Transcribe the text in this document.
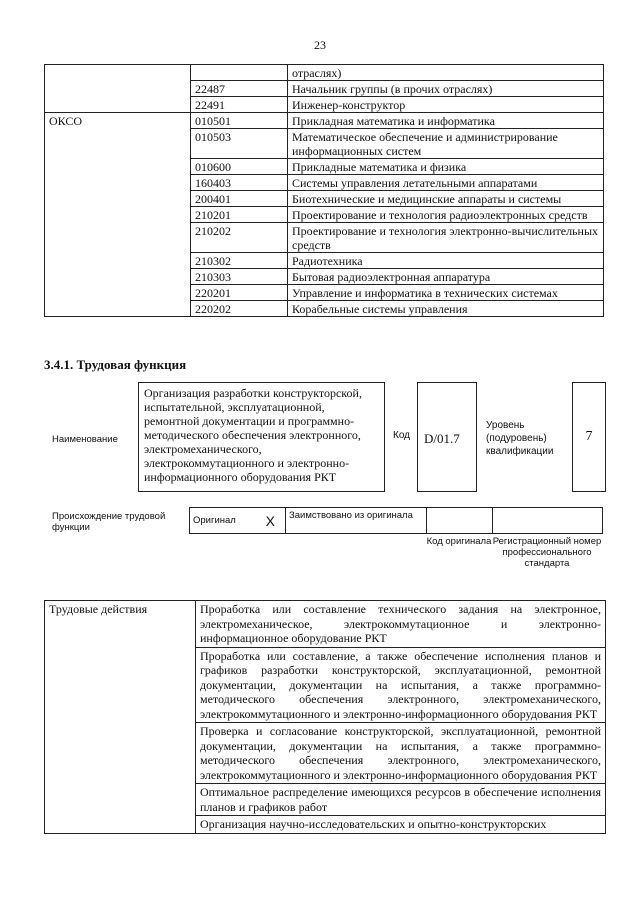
23
		отраслях)
	22487	Начальник группы (в прочих отраслях)
	22491	Инженер-конструктор
ОКСО	010501	Прикладная математика и информатика
	010503	Математическое обеспечение и администрирование информационных систем
	010600	Прикладные математика и физика
	160403	Системы управления летательными аппаратами
	200401	Биотехнические и медицинские аппараты и системы
	210201	Проектирование и технология радиоэлектронных средств
	210202	Проектирование и технология электронно-вычислительных средств
	210302	Радиотехника
	210303	Бытовая радиоэлектронная аппаратура
	220201	Управление и информатика в технических системах
	220202	Корабельные системы управления
3.4.1. Трудовая функция
Наименование
Организация разработки конструкторской, испытательной, эксплуатационной, ремонтной документации и программно-методического обеспечения электронного, электромеханического, электрокоммутационного и электронно-информационного оборудования РКТ
Код	D/01.7
Уровень (подуровень) квалификации
7
Происхождение трудовой функции
Оригинал	X	Заимствовано из оригинала		
Код оригинала Регистрационный номер профессионального стандарта
Трудовые действия	Проработка или составление технического задания на электронное, электромеханическое, электрокоммутационное и электронно-информационное оборудование РКТ
Проработка или составление, а также обеспечение исполнения планов и графиков разработки конструкторской, эксплуатационной, ремонтной документации, документации на испытания, а также программно-методического обеспечения электронного, электромеханического, электрокоммутационного и электронно-информационного оборудования РКТ
Проверка и согласование конструкторской, эксплуатационной, ремонтной документации, документации на испытания, а также программно-методического обеспечения электронного, электромеханического, электрокоммутационного и электронно-информационного оборудования РКТ
Оптимальное распределение имеющихся ресурсов в обеспечение исполнения планов и графиков работ
Организация научно-исследовательских и опытно-конструкторских
